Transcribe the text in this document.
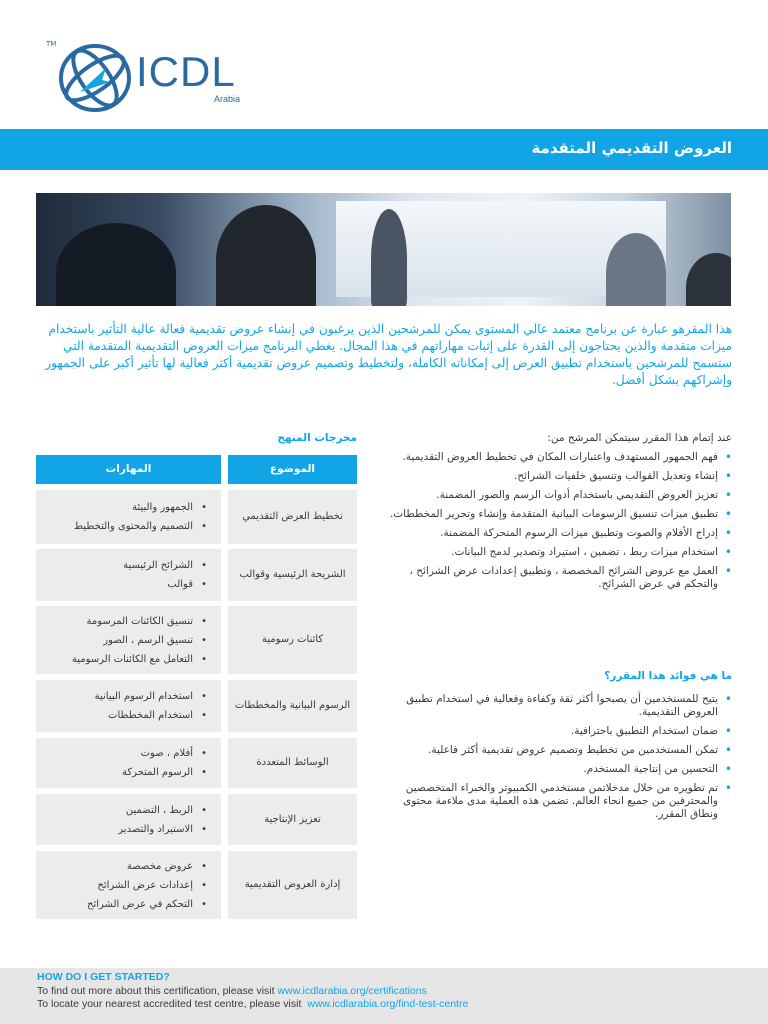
TM
ICDL
Arabia
العروض التقديمي المتقدمة

هذا المقرهو عبارة عن برنامج معتمد عالي المستوى يمكن للمرشحين الذين يرغبون في إنشاء عروض تقديمية فعالة عالية التأثير باستخدام ميزات متقدمة والذين يحتاجون إلى القدرة على إثبات مهاراتهم في هذا المجال. يغطي البرنامج ميزات العروض التقديمية المتقدمة التي ستسمح للمرشحين باستخدام تطبيق العرض إلى إمكاناته الكاملة، ولتخطيط وتصميم عروض تقديمية أكثر فعالية لها تأثير أكبر على الجمهور وإشراكهم بشكل أفضل.

عند إتمام هذا المقرر سيتمكن المرشح من:

• فهم الجمهور المستهدف واعتبارات المكان في تخطيط العروض التقديمية.
• إنشاء وتعديل القوالب وتنسيق خلفيات الشرائح.
• تعزيز العروض التقديمي باستخدام أدوات الرسم والصور المضمنة.
• تطبيق ميزات تنسيق الرسومات البيانية المتقدمة وإنشاء وتحرير المخططات.
• إدراج الأفلام والصوت وتطبيق ميزات الرسوم المتحركة المضمنة.
• استخدام ميزات ربط ، تضمين ، استيراد وتصدير لدمج البيانات.
• العمل مع عروض الشرائح المخصصة ، وتطبيق إعدادات عرض الشرائح ، والتحكم في عرض الشرائح.

ما هي فوائد هذا المقرر؟

• يتيح للمستخدمين أن يصبحوا أكثر ثقة وكفاءة وفعالية في استخدام تطبيق العروض التقديمية.
• ضمان استخدام التطبيق باحترافية.
• تمكن المستخدمين من تخطيط وتصميم عروض تقديمية أكثر فاعلية.
• التحسين من إنتاجية المستخدم.
• تم تطويره من خلال مدخلاتمن مستخدمي الكمبيوتر والخبراء المتخصصين والمحترفين من جميع انحاء العالم. تضمن هذه العملية مدى ملاءمة محتوى ونطاق المقرر.

مخرجات المنهج

الموضوع
المهارات
تخطيط العرض التقديمي
• الجمهور والبيئة
• التصميم والمحتوى والتخطيط
الشريحة الرئيسية وقوالب
• الشرائح الرئيسية
• قوالب
كائنات رسومية
• تنسيق الكائنات المرسومة
• تنسيق الرسم ، الصور
• التعامل مع الكائنات الرسومية
الرسوم البيانية والمخططات
• استخدام الرسوم البيانية
• استخدام المخططات
الوسائط المتعددة
• أفلام ، صوت
• الرسوم المتحركة
تعزيز الإنتاجية
• الربط ، التضمين
• الاستيراد والتصدير
إدارة العروض التقديمية
• عروض مخصصة
• إعدادات عرض الشرائح
• التحكم في عرض الشرائح
HOW DO I GET STARTED?
To find out more about this certification, please visit www.icdlarabia.org/certifications
To locate your nearest accredited test centre, please visit  www.icdlarabia.org/find-test-centre
